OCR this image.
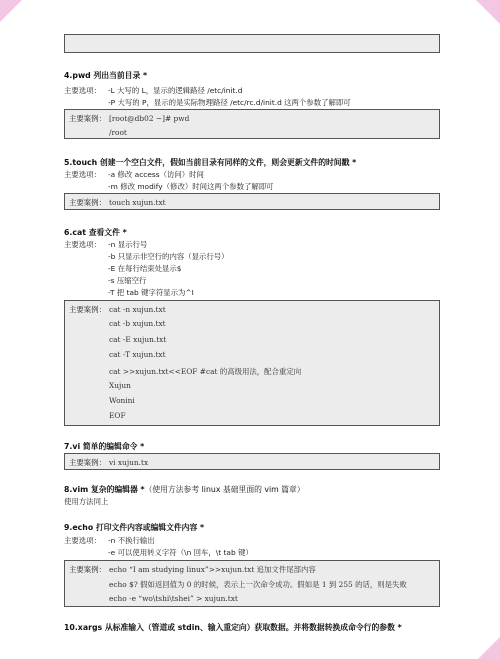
4.pwd 列出当前目录 *
主要选项： -L 大写的 L，显示的逻辑路径 /etc/init.d
-P 大写的 P，显示的是实际物理路径 /etc/rc.d/init.d 这两个参数了解即可
主要案例： [root@db02 ~]# pwd
/root
5.touch 创建一个空白文件，假如当前目录有同样的文件，则会更新文件的时间戳 *
主要选项： -a 修改 access（访问）时间
-m 修改 modify（修改）时间这两个参数了解即可
主要案例： touch xujun.txt
6.cat 查看文件 *
主要选项： -n 显示行号
-b 只显示非空行的内容（显示行号）
-E 在每行结束处显示$
-s 压缩空行
-T 把 tab 键字符显示为^I
主要案例： cat -n xujun.txt
cat -b xujun.txt
cat -E xujun.txt
cat -T xujun.txt
cat >>xujun.txt<<EOF #cat 的高级用法，配合重定向
Xujun
Wonini
EOF
7.vi 简单的编辑命令 *
主要案例： vi xujun.tx
8.vim 复杂的编辑器 *（使用方法参考 linux 基础里面的 vim 篇章）
使用方法同上
9.echo 打印文件内容或编辑文件内容 *
主要选项： -n 不换行输出
-e 可以使用转义字符（\n 回车，\t tab 键）
主要案例： echo “I am studying linux”>>xujun.txt 追加文件尾部内容
echo $? 假如返回值为 0 的时候，表示上一次命令成功。假如是 1 到 255 的话，则是失败
echo -e “wo\tshi\tshei” > xujun.txt
10.xargs 从标准输入（管道或 stdin、输入重定向）获取数据。并将数据转换成命令行的参数 *
